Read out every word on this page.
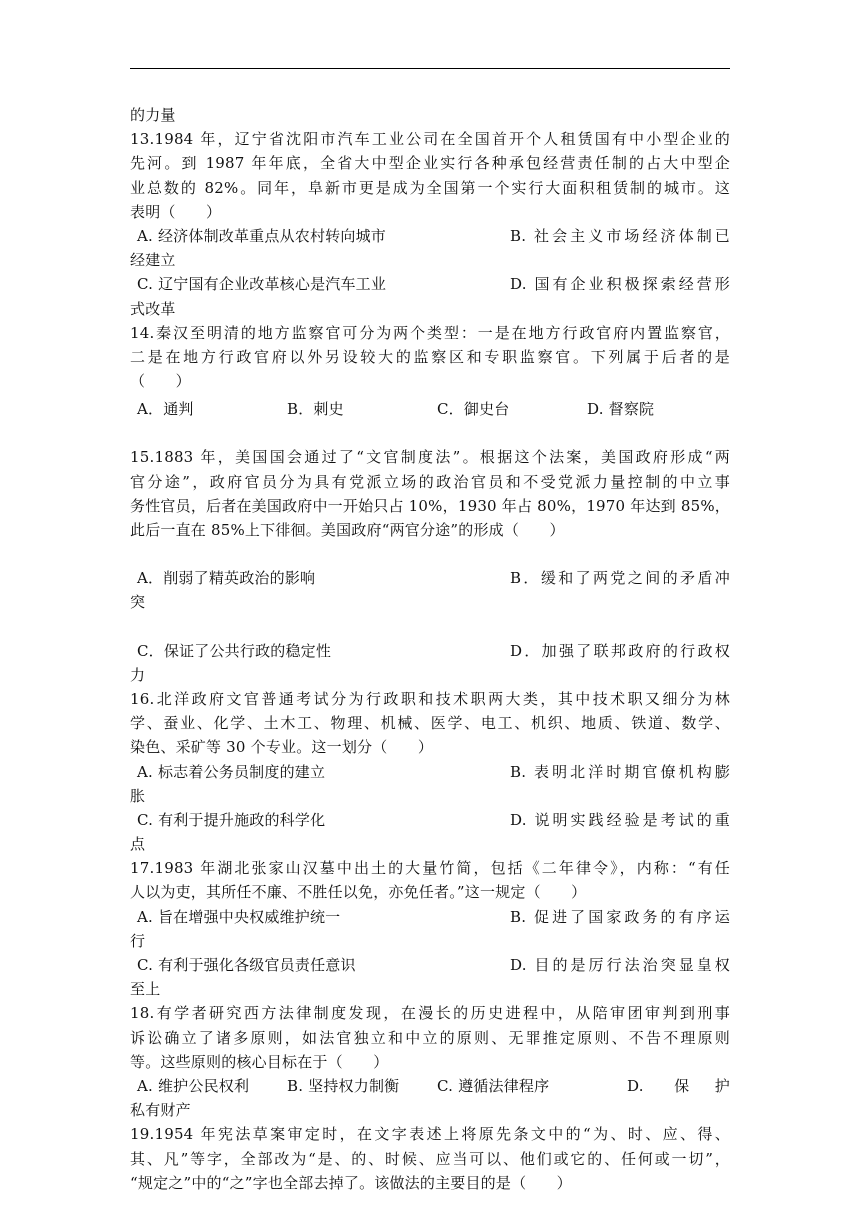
的力量
13.1984 年，辽宁省沈阳市汽车工业公司在全国首开个人租赁国有中小型企业的
先河。到 1987 年年底，全省大中型企业实行各种承包经营责任制的占大中型企
业总数的 82%。同年，阜新市更是成为全国第一个实行大面积租赁制的城市。这
表明（　　）
A. 经济体制改革重点从农村转向城市	B. 社会主义市场经济体制已
经建立
C. 辽宁国有企业改革核心是汽车工业	D. 国有企业积极探索经营形
式改革
14.秦汉至明清的地方监察官可分为两个类型：一是在地方行政官府内置监察官，
二是在地方行政官府以外另设较大的监察区和专职监察官。下列属于后者的是
（　　）
A．通判	B．刺史	C．御史台	D. 督察院
15.1883 年，美国国会通过了“文官制度法”。根据这个法案，美国政府形成“两
官分途”，政府官员分为具有党派立场的政治官员和不受党派力量控制的中立事
务性官员，后者在美国政府中一开始只占 10%，1930 年占 80%，1970 年达到 85%，
此后一直在 85%上下徘徊。美国政府“两官分途”的形成（　　）
A．削弱了精英政治的影响	B．缓和了两党之间的矛盾冲
突
C．保证了公共行政的稳定性	D．加强了联邦政府的行政权
力
16.北洋政府文官普通考试分为行政职和技术职两大类，其中技术职又细分为林
学、蚕业、化学、土木工、物理、机械、医学、电工、机织、地质、铁道、数学、
染色、采矿等 30 个专业。这一划分（　　）
A. 标志着公务员制度的建立	B. 表明北洋时期官僚机构膨
胀
C. 有利于提升施政的科学化	D. 说明实践经验是考试的重
点
17.1983 年湖北张家山汉墓中出土的大量竹简，包括《二年律令》，内称：“有任
人以为吏，其所任不廉、不胜任以免，亦免任者。”这一规定（　　）
A. 旨在增强中央权威维护统一	B. 促进了国家政务的有序运
行
C. 有利于强化各级官员责任意识	D. 目的是厉行法治突显皇权
至上
18.有学者研究西方法律制度发现，在漫长的历史进程中，从陪审团审判到刑事
诉讼确立了诸多原则，如法官独立和中立的原则、无罪推定原则、不告不理原则
等。这些原则的核心目标在于（　　）
A. 维护公民权利	B. 坚持权力制衡	C. 遵循法律程序	D. 保护
私有财产
19.1954 年宪法草案审定时，在文字表述上将原先条文中的“为、时、应、得、
其、凡”等字，全部改为“是、的、时候、应当可以、他们或它的、任何或一切”，
“规定之”中的“之”字也全部去掉了。该做法的主要目的是（　　）
